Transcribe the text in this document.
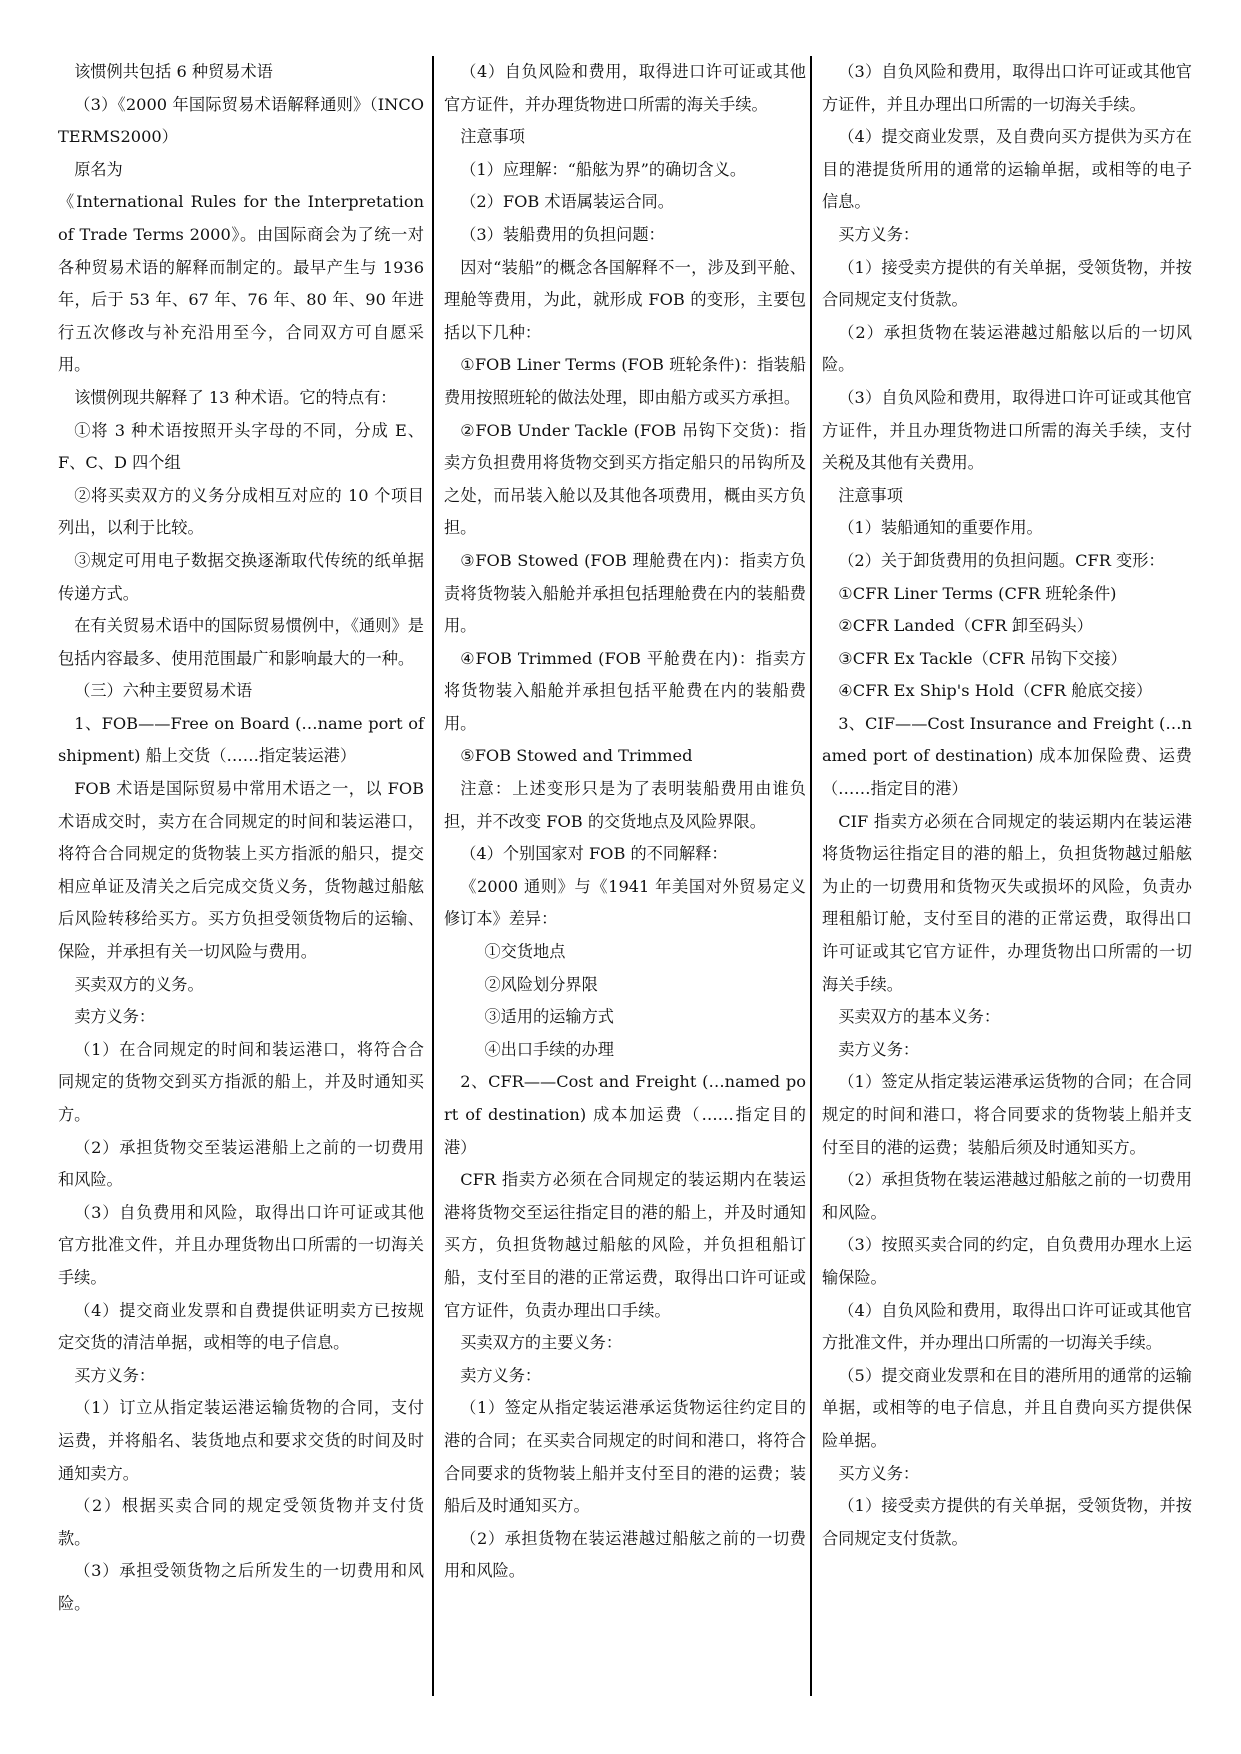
该惯例共包括 6 种贸易术语

（3）《2000 年国际贸易术语解释通则》（INCOTERMS2000）

原名为

《International Rules for the Interpretation of Trade Terms 2000》。由国际商会为了统一对各种贸易术语的解释而制定的。最早产生与 1936 年，后于 53 年、67 年、76 年、80 年、90 年进行五次修改与补充沿用至今，合同双方可自愿采用。

该惯例现共解释了 13 种术语。它的特点有：

①将 3 种术语按照开头字母的不同，分成 E、F、C、D 四个组

②将买卖双方的义务分成相互对应的 10 个项目列出，以利于比较。

③规定可用电子数据交换逐渐取代传统的纸单据传递方式。

在有关贸易术语中的国际贸易惯例中，《通则》是包括内容最多、使用范围最广和影响最大的一种。

（三）六种主要贸易术语

1、FOB——Free on Board (…name port of shipment) 船上交货（……指定装运港）

FOB 术语是国际贸易中常用术语之一，以 FOB 术语成交时，卖方在合同规定的时间和装运港口，将符合合同规定的货物装上买方指派的船只，提交相应单证及清关之后完成交货义务，货物越过船舷后风险转移给买方。买方负担受领货物后的运输、保险，并承担有关一切风险与费用。

买卖双方的义务。

卖方义务：

（1）在合同规定的时间和装运港口，将符合合同规定的货物交到买方指派的船上，并及时通知买方。

（2）承担货物交至装运港船上之前的一切费用和风险。

（3）自负费用和风险，取得出口许可证或其他官方批准文件，并且办理货物出口所需的一切海关手续。

（4）提交商业发票和自费提供证明卖方已按规定交货的清洁单据，或相等的电子信息。

买方义务：

（1）订立从指定装运港运输货物的合同，支付运费，并将船名、装货地点和要求交货的时间及时通知卖方。

（2）根据买卖合同的规定受领货物并支付货款。

（3）承担受领货物之后所发生的一切费用和风险。

（4）自负风险和费用，取得进口许可证或其他官方证件，并办理货物进口所需的海关手续。

注意事项

（1）应理解：“船舷为界”的确切含义。

（2）FOB 术语属装运合同。

（3）装船费用的负担问题：

因对“装船”的概念各国解释不一，涉及到平舱、理舱等费用，为此，就形成 FOB 的变形，主要包括以下几种：

①FOB Liner Terms (FOB 班轮条件)：指装船费用按照班轮的做法处理，即由船方或买方承担。

②FOB Under Tackle (FOB 吊钩下交货)：指卖方负担费用将货物交到买方指定船只的吊钩所及之处，而吊装入舱以及其他各项费用，概由买方负担。

③FOB Stowed (FOB 理舱费在内)：指卖方负责将货物装入船舱并承担包括理舱费在内的装船费用。

④FOB Trimmed (FOB 平舱费在内)：指卖方将货物装入船舱并承担包括平舱费在内的装船费用。

⑤FOB Stowed and Trimmed

注意：上述变形只是为了表明装船费用由谁负担，并不改变 FOB 的交货地点及风险界限。

（4）个别国家对 FOB 的不同解释：

《2000 通则》与《1941 年美国对外贸易定义修订本》差异：

①交货地点

②风险划分界限

③适用的运输方式

④出口手续的办理

2、CFR——Cost and Freight (…named port of destination) 成本加运费（……指定目的港）

CFR 指卖方必须在合同规定的装运期内在装运港将货物交至运往指定目的港的船上，并及时通知买方，负担货物越过船舷的风险，并负担租船订船，支付至目的港的正常运费，取得出口许可证或官方证件，负责办理出口手续。

买卖双方的主要义务：

卖方义务：

（1）签定从指定装运港承运货物运往约定目的港的合同；在买卖合同规定的时间和港口，将符合合同要求的货物装上船并支付至目的港的运费；装船后及时通知买方。

（2）承担货物在装运港越过船舷之前的一切费用和风险。

（3）自负风险和费用，取得出口许可证或其他官方证件，并且办理出口所需的一切海关手续。

（4）提交商业发票，及自费向买方提供为买方在目的港提货所用的通常的运输单据，或相等的电子信息。

买方义务：

（1）接受卖方提供的有关单据，受领货物，并按合同规定支付货款。

（2）承担货物在装运港越过船舷以后的一切风险。

（3）自负风险和费用，取得进口许可证或其他官方证件，并且办理货物进口所需的海关手续，支付关税及其他有关费用。

注意事项

（1）装船通知的重要作用。

（2）关于卸货费用的负担问题。CFR 变形：

①CFR Liner Terms (CFR 班轮条件)

②CFR Landed（CFR 卸至码头）

③CFR Ex Tackle（CFR 吊钩下交接）

④CFR Ex Ship's Hold（CFR 舱底交接）

3、CIF——Cost Insurance and Freight (…named port of destination) 成本加保险费、运费（……指定目的港）

CIF 指卖方必须在合同规定的装运期内在装运港将货物运往指定目的港的船上，负担货物越过船舷为止的一切费用和货物灭失或损坏的风险，负责办理租船订舱，支付至目的港的正常运费，取得出口许可证或其它官方证件，办理货物出口所需的一切海关手续。

买卖双方的基本义务：

卖方义务：

（1）签定从指定装运港承运货物的合同；在合同规定的时间和港口，将合同要求的货物装上船并支付至目的港的运费；装船后须及时通知买方。

（2）承担货物在装运港越过船舷之前的一切费用和风险。

（3）按照买卖合同的约定，自负费用办理水上运输保险。

（4）自负风险和费用，取得出口许可证或其他官方批准文件，并办理出口所需的一切海关手续。

（5）提交商业发票和在目的港所用的通常的运输单据，或相等的电子信息，并且自费向买方提供保险单据。

买方义务：

（1）接受卖方提供的有关单据，受领货物，并按合同规定支付货款。
